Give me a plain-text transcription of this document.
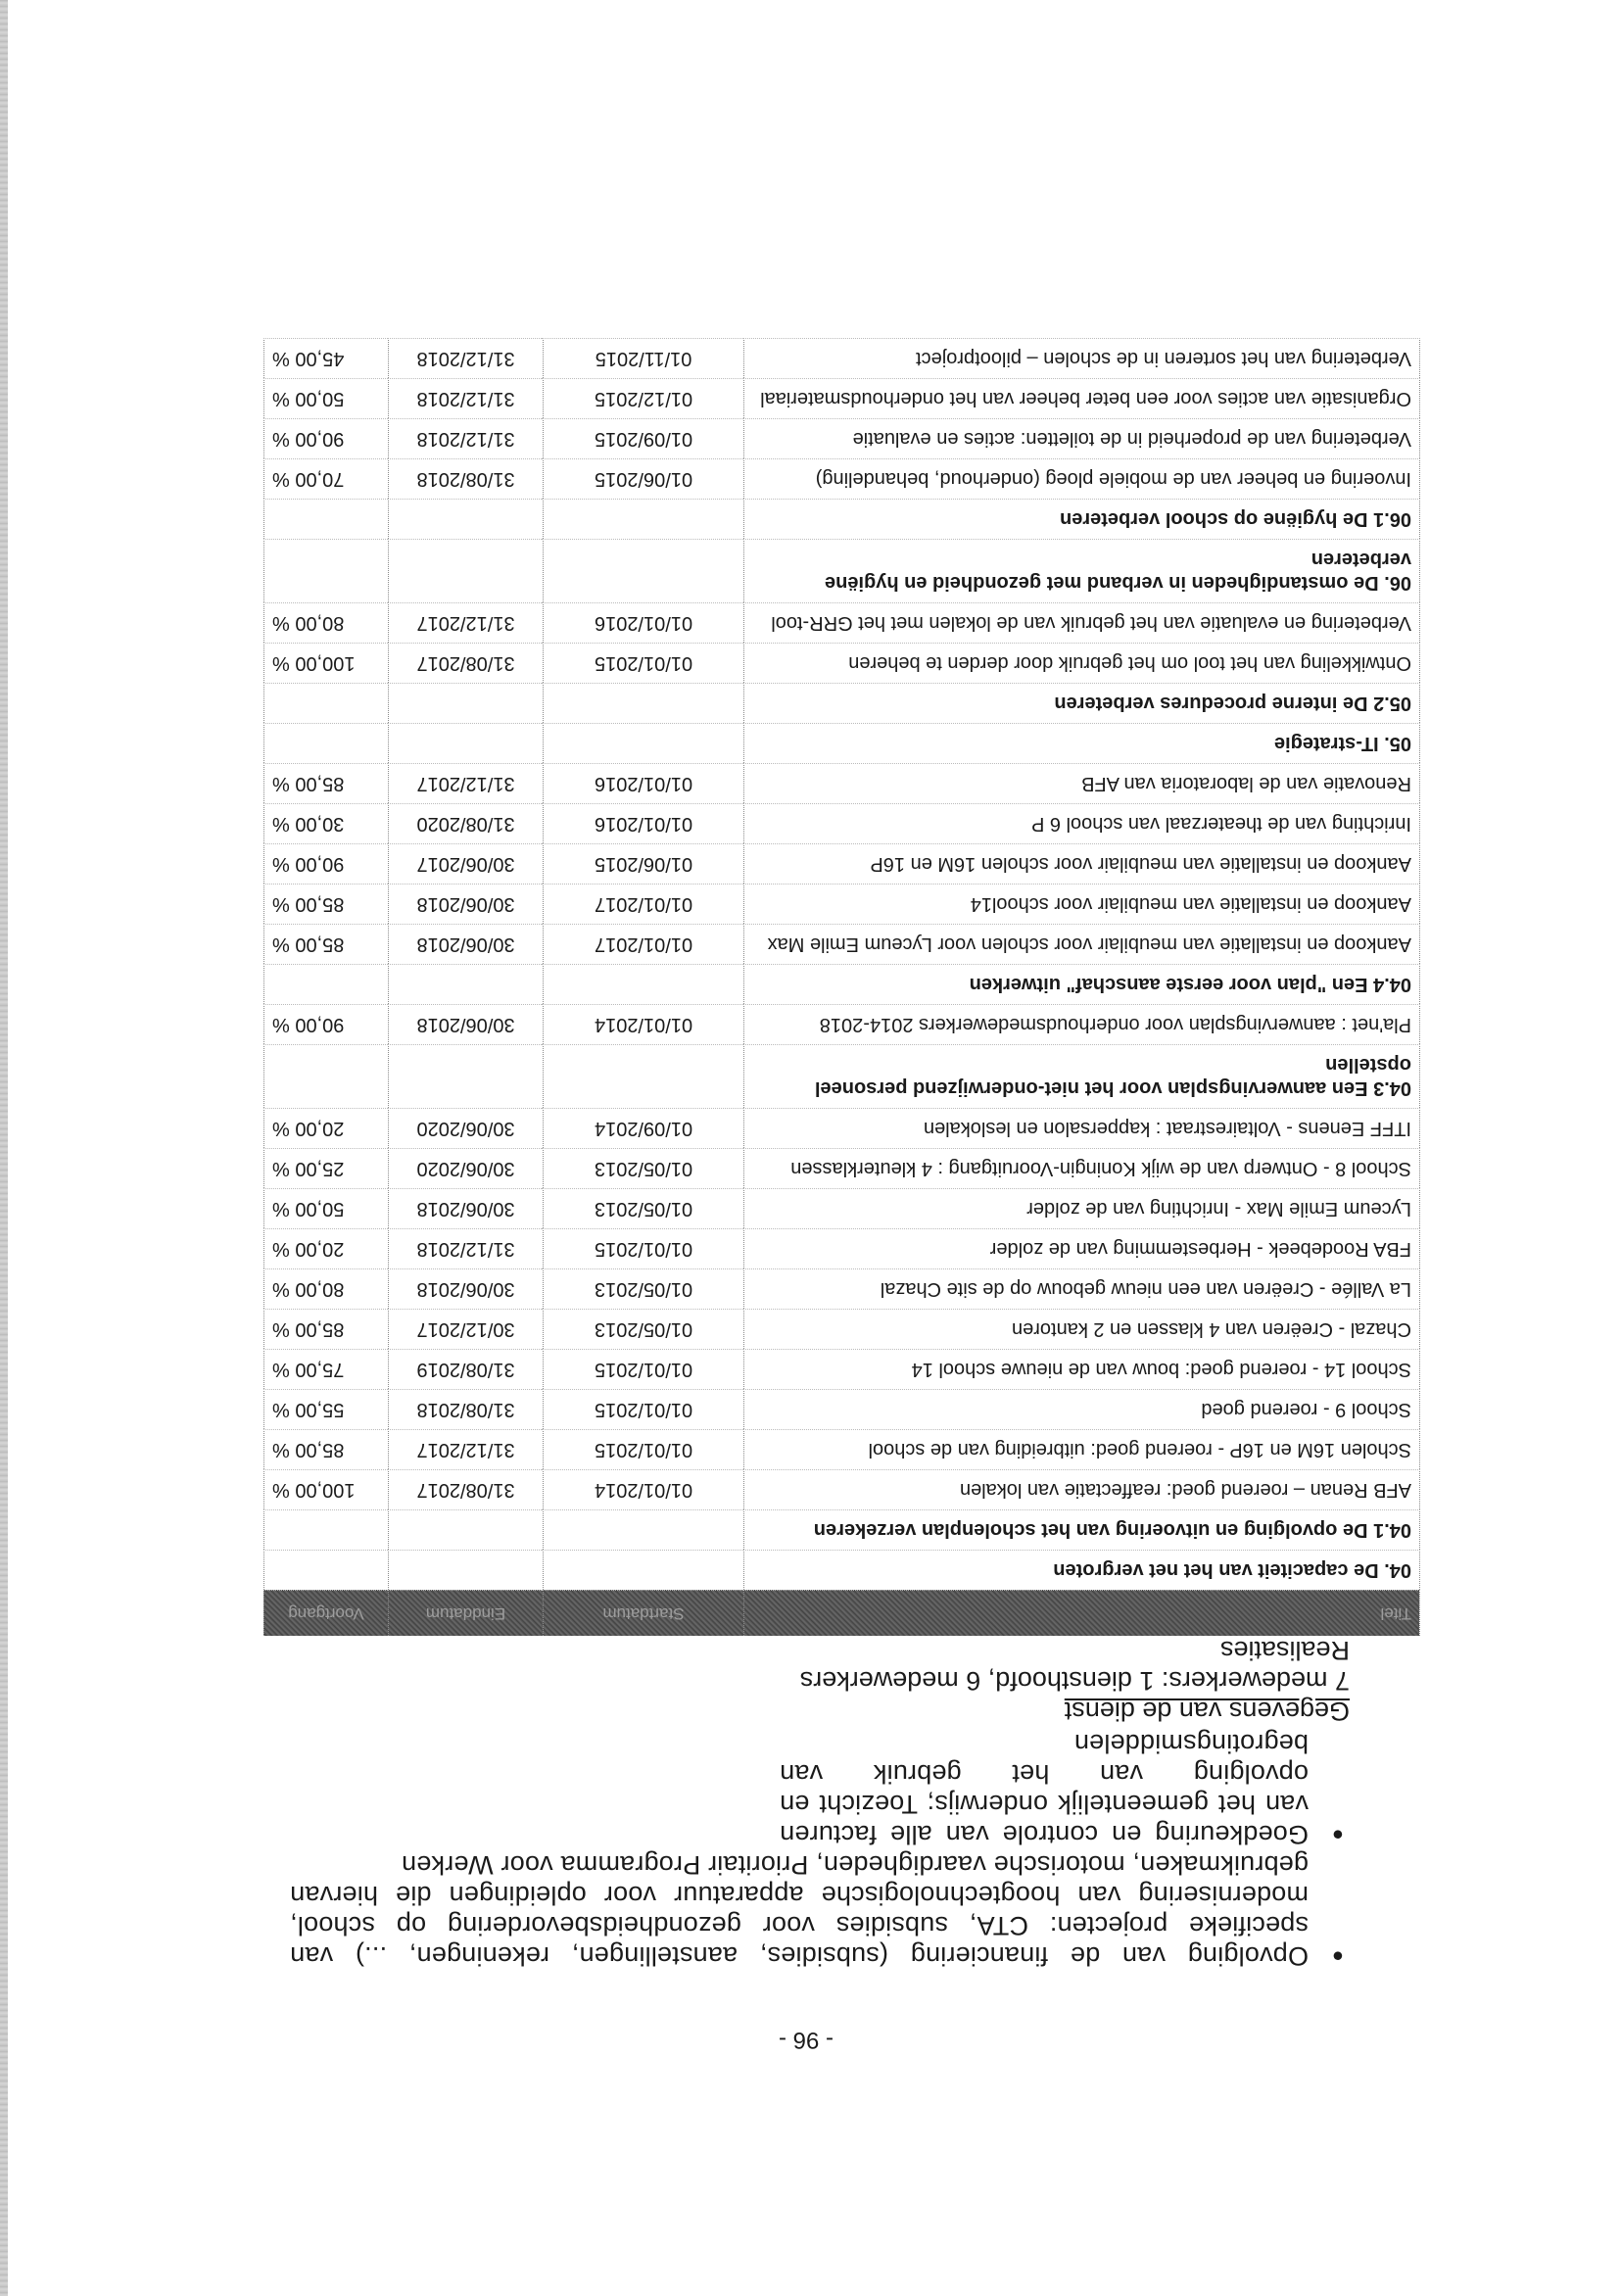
- 96 -
●
Opvolging van de financiering (subsidies, aanstellingen, rekeningen, ...) van specifieke projecten: CTA, subsidies voor gezondheidsbevordering op school, modernisering van hoogtechnologische apparatuur voor opleidingen die hiervan gebruikmaken, motorische vaardigheden, Prioritair Programma voor Werken
●
Goedkeuring en controle van alle facturen van het gemeentelijk onderwijs; Toezicht en opvolging van het gebruik van begrotingsmiddelen
Gegevens van de dienst
7 medewerkers: 1 diensthoofd, 6 medewerkers
Realisaties
Titel	Startdatum	Einddatum	Voortgang
04. De capaciteit van het net vergroten			
04.1 De opvolging en uitvoering van het scholenplan verzekeren			
AFB Renan – roerend goed: reaffectatie van lokalen	01/01/2014	31/08/2017	100,00 %
Scholen 16M en 16P - roerend goed: uitbreiding van de school	01/01/2015	31/12/2017	85,00 %
School 9 - roerend goed	01/01/2015	31/08/2018	55,00 %
School 14 - roerend goed: bouw van de nieuwe school 14	01/01/2015	31/08/2019	75,00 %
Chazal - Creëren van 4 klassen en 2 kantoren	01/05/2013	30/12/2017	85,00 %
La Vallée - Creëren van een nieuw gebouw op de site Chazal	01/05/2013	30/06/2018	80,00 %
FBA Roodebeek - Herbestemming van de zolder	01/01/2015	31/12/2018	20,00 %
Lyceum Emile Max - Inrichting van de zolder	01/05/2013	30/06/2018	50,00 %
School 8 - Ontwerp van de wijk Koningin-Vooruitgang : 4 kleuterklassen	01/05/2013	30/06/2020	25,00 %
ITFF Eenens - Voltairestraat : kappersalon en leslokalen	01/09/2014	30/06/2020	20,00 %
04.3 Een aanwervingsplan voor het niet-onderwijzend personeel opstellen			
Pla'net : aanwervingsplan voor onderhoudsmedewerkers 2014-2018	01/01/2014	30/06/2018	90,00 %
04.4 Een "plan voor eerste aanschaf" uitwerken			
Aankoop en installatie van meubilair voor scholen voor Lyceum Emile Max	01/01/2017	30/06/2018	85,00 %
Aankoop en installatie van meubilair voor school14	01/01/2017	30/06/2018	85,00 %
Aankoop en installatie van meubilair voor scholen 16M en 16P	01/06/2015	30/06/2017	90,00 %
Inrichting van de theaterzaal van school 6 P	01/01/2016	31/08/2020	30,00 %
Renovatie van de laboratoria van AFB	01/01/2016	31/12/2017	85,00 %
05. IT-strategie			
05.2 De interne procedures verbeteren			
Ontwikkeling van het tool om het gebruik door derden te beheren	01/01/2015	31/08/2017	100,00 %
Verbetering en evaluatie van het gebruik van de lokalen met het GRR-tool	01/01/2016	31/12/2017	80,00 %
06. De omstandigheden in verband met gezondheid en hygiëne verbeteren			
06.1 De hygiëne op school verbeteren			
Invoering en beheer van de mobiele ploeg (onderhoud, behandeling)	01/06/2015	31/08/2018	70,00 %
Verbetering van de properheid in de toiletten: acties en evaluatie	01/09/2015	31/12/2018	90,00 %
Organisatie van acties voor een beter beheer van het onderhoudsmateriaal	01/12/2015	31/12/2018	50,00 %
Verbetering van het sorteren in de scholen – pilootproject	01/11/2015	31/12/2018	45,00 %
